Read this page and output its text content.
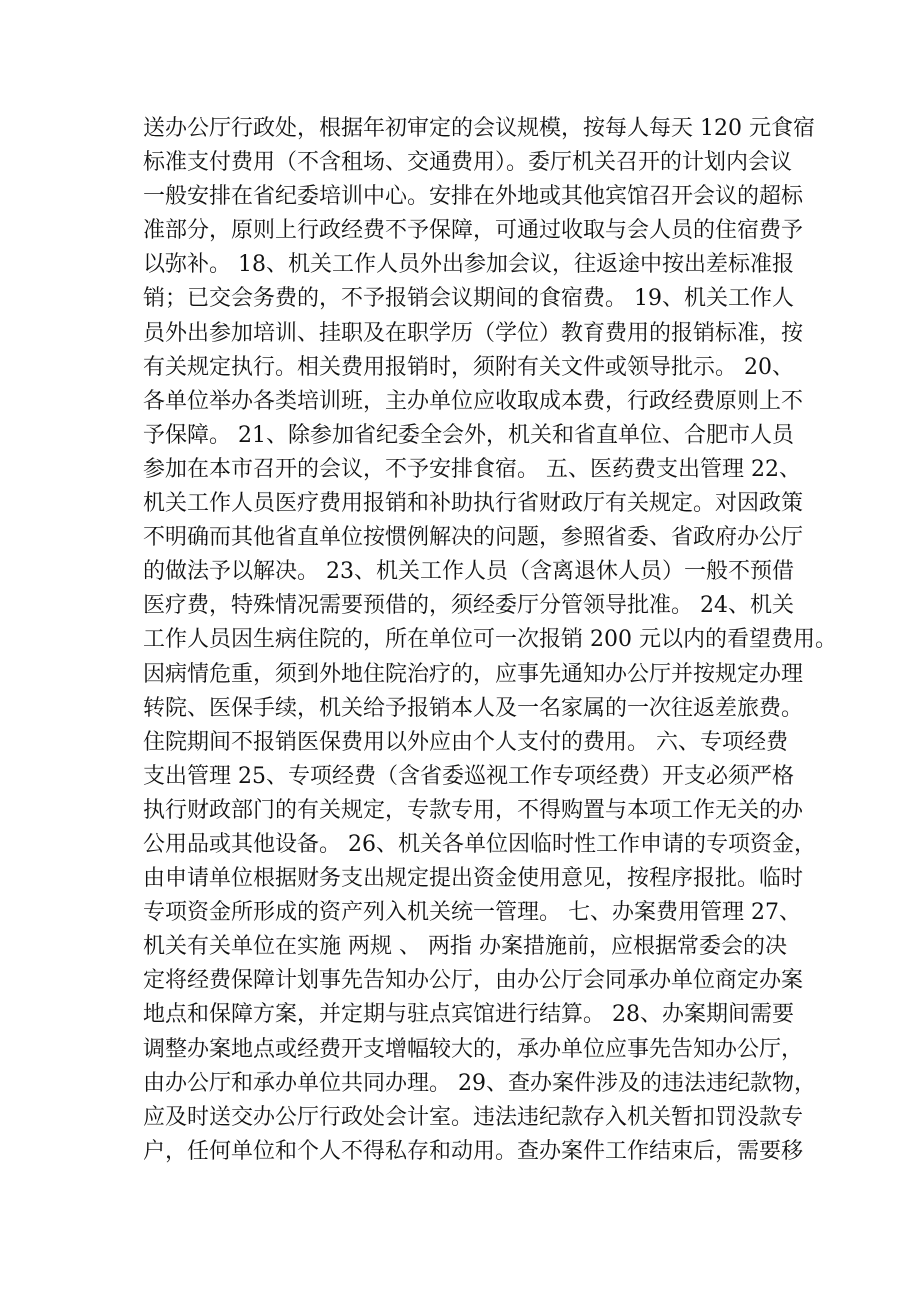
送办公厅行政处，根据年初审定的会议规模，按每人每天 120 元食宿
标准支付费用（不含租场、交通费用）。委厅机关召开的计划内会议
一般安排在省纪委培训中心。安排在外地或其他宾馆召开会议的超标
准部分，原则上行政经费不予保障，可通过收取与会人员的住宿费予
以弥补。 18、机关工作人员外出参加会议，往返途中按出差标准报
销；已交会务费的，不予报销会议期间的食宿费。 19、机关工作人
员外出参加培训、挂职及在职学历（学位）教育费用的报销标准，按
有关规定执行。相关费用报销时，须附有关文件或领导批示。 20、
各单位举办各类培训班，主办单位应收取成本费，行政经费原则上不
予保障。 21、除参加省纪委全会外，机关和省直单位、合肥市人员
参加在本市召开的会议，不予安排食宿。 五、医药费支出管理 22、
机关工作人员医疗费用报销和补助执行省财政厅有关规定。对因政策
不明确而其他省直单位按惯例解决的问题，参照省委、省政府办公厅
的做法予以解决。 23、机关工作人员（含离退休人员）一般不预借
医疗费，特殊情况需要预借的，须经委厅分管领导批准。 24、机关
工作人员因生病住院的，所在单位可一次报销 200 元以内的看望费用。
因病情危重，须到外地住院治疗的，应事先通知办公厅并按规定办理
转院、医保手续，机关给予报销本人及一名家属的一次往返差旅费。
住院期间不报销医保费用以外应由个人支付的费用。 六、专项经费
支出管理 25、专项经费（含省委巡视工作专项经费）开支必须严格
执行财政部门的有关规定，专款专用，不得购置与本项工作无关的办
公用品或其他设备。 26、机关各单位因临时性工作申请的专项资金，
由申请单位根据财务支出规定提出资金使用意见，按程序报批。临时
专项资金所形成的资产列入机关统一管理。 七、办案费用管理 27、
机关有关单位在实施 两规 、 两指 办案措施前，应根据常委会的决
定将经费保障计划事先告知办公厅，由办公厅会同承办单位商定办案
地点和保障方案，并定期与驻点宾馆进行结算。 28、办案期间需要
调整办案地点或经费开支增幅较大的，承办单位应事先告知办公厅，
由办公厅和承办单位共同办理。 29、查办案件涉及的违法违纪款物，
应及时送交办公厅行政处会计室。违法违纪款存入机关暂扣罚没款专
户，任何单位和个人不得私存和动用。查办案件工作结束后，需要移
